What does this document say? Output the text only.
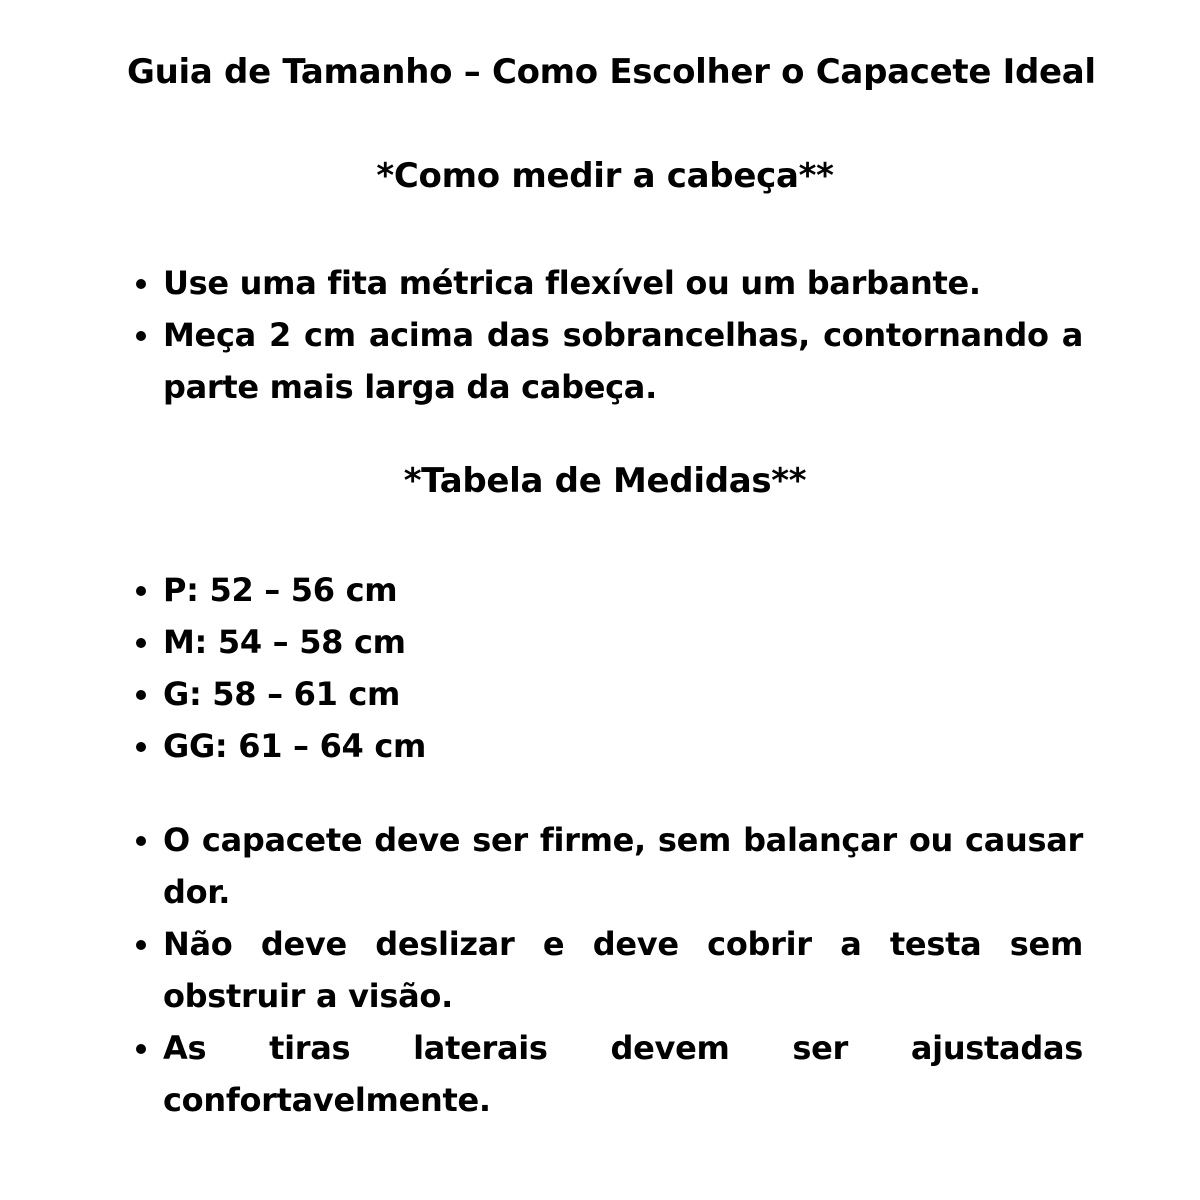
Guia de Tamanho – Como Escolher o Capacete Ideal
*Como medir a cabeça**
• Use uma fita métrica flexível ou um barbante.
• Meça 2 cm acima das sobrancelhas, contornando a parte mais larga da cabeça.
*Tabela de Medidas**
• P: 52 – 56 cm
• M: 54 – 58 cm
• G: 58 – 61 cm
• GG: 61 – 64 cm
• O capacete deve ser firme, sem balançar ou causar dor.
• Não deve deslizar e deve cobrir a testa sem obstruir a visão.
• As tiras laterais devem ser ajustadas confortavelmente.
